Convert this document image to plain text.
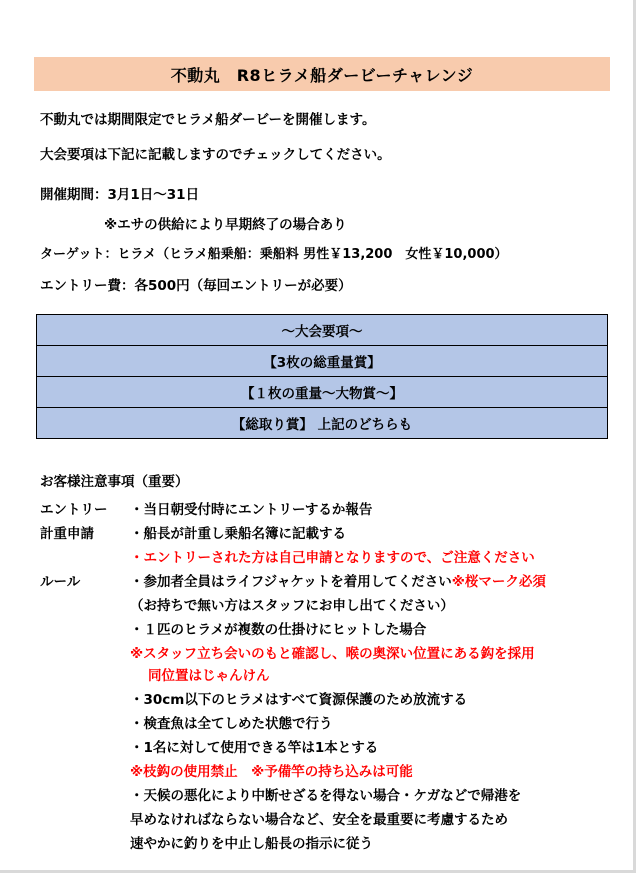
不動丸　R8ヒラメ船ダービーチャレンジ
不動丸では期間限定でヒラメ船ダービーを開催します。
大会要項は下記に記載しますのでチェックしてください。
開催期間：3月1日～31日
※エサの供給により早期終了の場合あり
ターゲット：ヒラメ（ヒラメ船乗船：乗船料 男性￥13,200　女性￥10,000）
エントリー費：各500円（毎回エントリーが必要）
～大会要項～
【3枚の総重量賞】
【１枚の重量～大物賞～】
【総取り賞】 上記のどちらも
お客様注意事項（重要）
エントリー	・当日朝受付時にエントリーするか報告
計重申請	・船長が計重し乗船名簿に記載する
・エントリーされた方は自己申請となりますので、ご注意ください
ルール	・参加者全員はライフジャケットを着用してください ※桜マーク必須
（お持ちで無い方はスタッフにお申し出てください）
・１匹のヒラメが複数の仕掛けにヒットした場合
※スタッフ立ち会いのもと確認し、喉の奥深い位置にある鈎を採用
同位置はじゃんけん
・30cm以下のヒラメはすべて資源保護のため放流する
・検査魚は全てしめた状態で行う
・1名に対して使用できる竿は1本とする
※枝鈎の使用禁止　※予備竿の持ち込みは可能
・天候の悪化により中断せざるを得ない場合・ケガなどで帰港を
早めなければならない場合など、安全を最重要に考慮するため
速やかに釣りを中止し船長の指示に従う
